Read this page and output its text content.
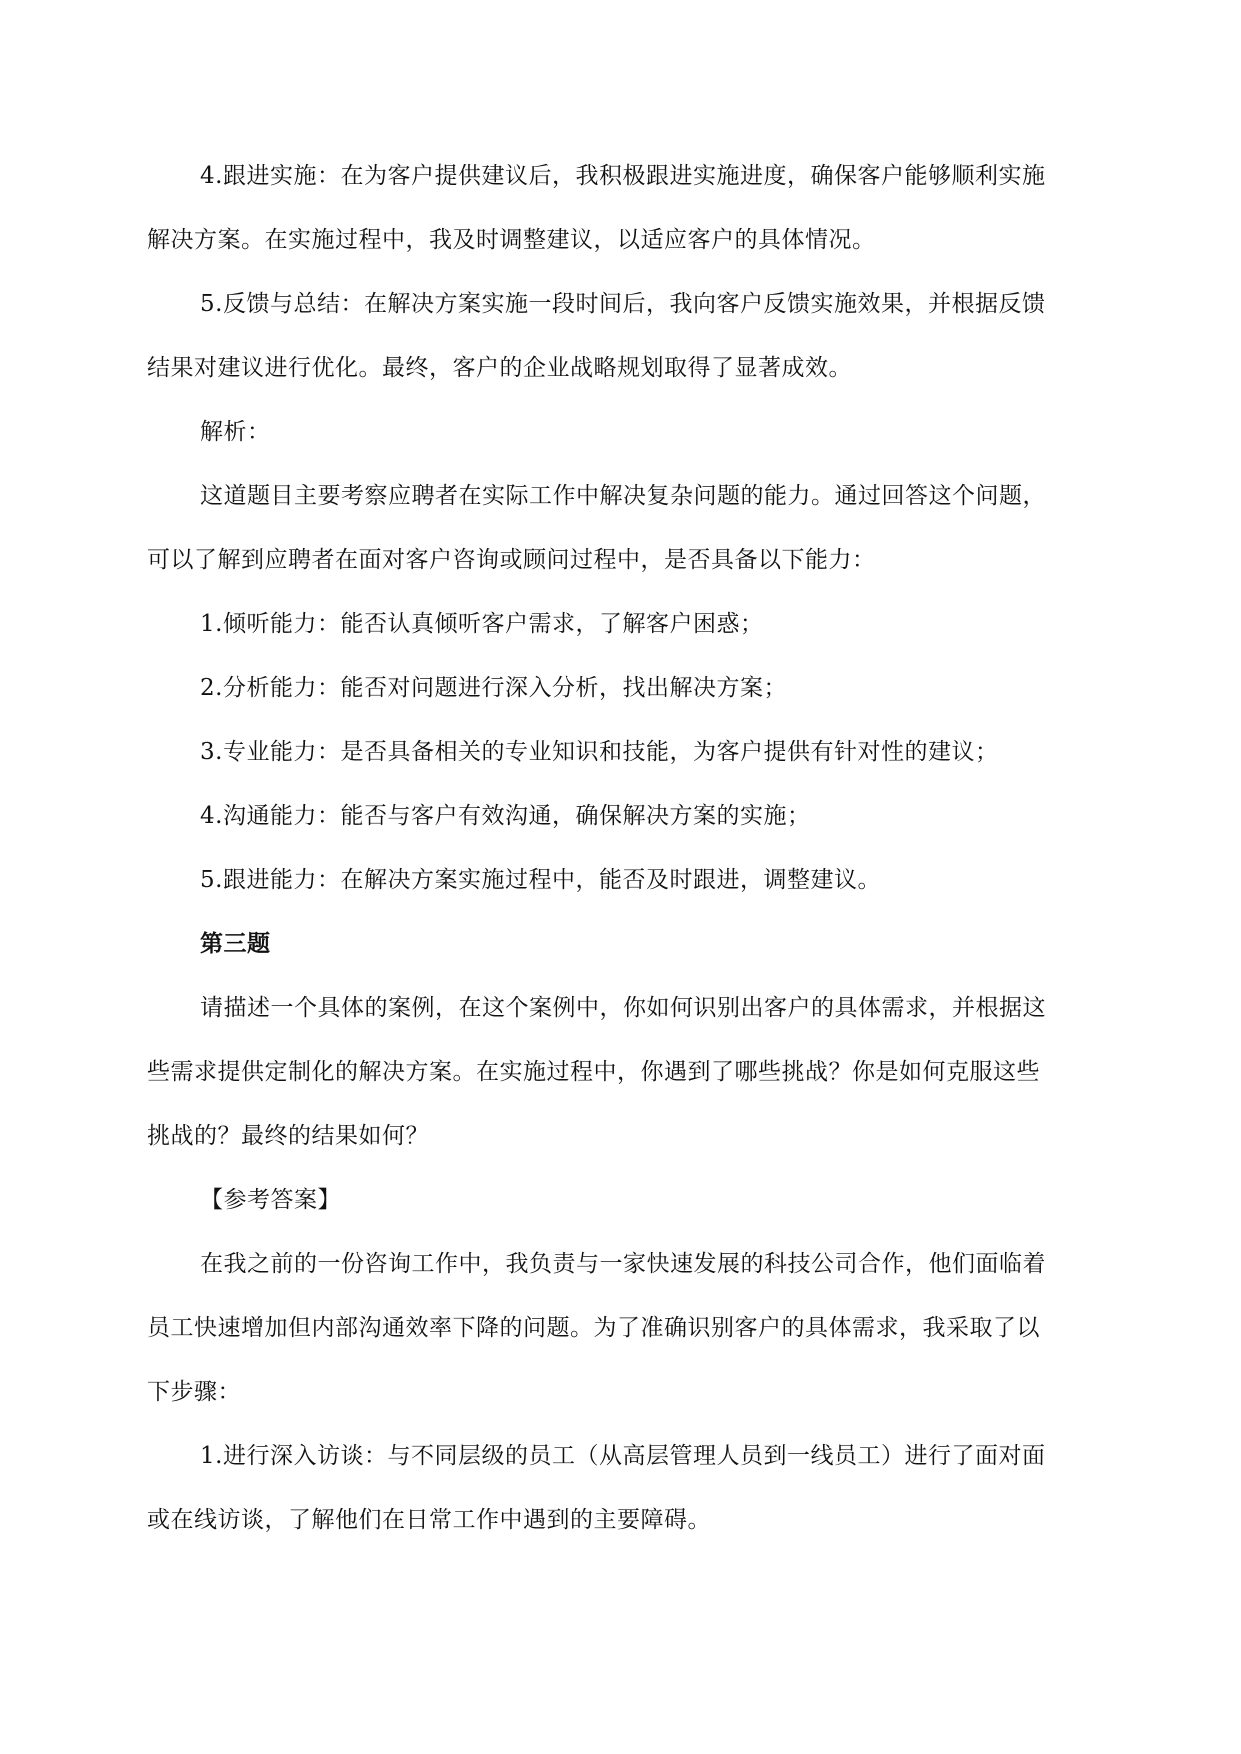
4.跟进实施：在为客户提供建议后，我积极跟进实施进度，确保客户能够顺利实施
解决方案。在实施过程中，我及时调整建议，以适应客户的具体情况。

5.反馈与总结：在解决方案实施一段时间后，我向客户反馈实施效果，并根据反馈
结果对建议进行优化。最终，客户的企业战略规划取得了显著成效。

解析：

这道题目主要考察应聘者在实际工作中解决复杂问题的能力。通过回答这个问题，
可以了解到应聘者在面对客户咨询或顾问过程中，是否具备以下能力：

1.倾听能力：能否认真倾听客户需求，了解客户困惑；

2.分析能力：能否对问题进行深入分析，找出解决方案；

3.专业能力：是否具备相关的专业知识和技能，为客户提供有针对性的建议；

4.沟通能力：能否与客户有效沟通，确保解决方案的实施；

5.跟进能力：在解决方案实施过程中，能否及时跟进，调整建议。

第三题

请描述一个具体的案例，在这个案例中，你如何识别出客户的具体需求，并根据这
些需求提供定制化的解决方案。在实施过程中，你遇到了哪些挑战？你是如何克服这些
挑战的？最终的结果如何？

【参考答案】

在我之前的一份咨询工作中，我负责与一家快速发展的科技公司合作，他们面临着
员工快速增加但内部沟通效率下降的问题。为了准确识别客户的具体需求，我采取了以
下步骤：

1.进行深入访谈：与不同层级的员工（从高层管理人员到一线员工）进行了面对面
或在线访谈，了解他们在日常工作中遇到的主要障碍。
